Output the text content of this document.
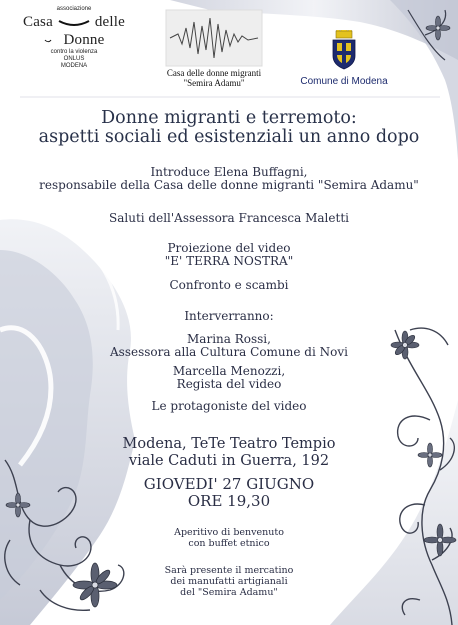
associazione
Casa	delle  Donne
contro la violenza
ONLUS
MODENA
Casa delle donne migranti
"Semira Adamu"	Comune di Modena
Donne migranti e terremoto:
aspetti sociali ed esistenziali un anno dopo
Introduce Elena Buffagni,
responsabile della Casa delle donne migranti "Semira Adamu"
Saluti dell'Assessora Francesca Maletti
Proiezione del video
"E' TERRA NOSTRA"
Confronto e scambi
Interverranno:
Marina Rossi,
Assessora alla Cultura Comune di Novi
Marcella Menozzi,
Regista del video
Le protagoniste del video
Modena, TeTe Teatro Tempio
viale Caduti in Guerra, 192
GIOVEDI' 27 GIUGNO
ORE 19,30
Aperitivo di benvenuto
con buffet etnico
Sarà presente il mercatino
dei manufatti artigianali
del "Semira Adamu"
